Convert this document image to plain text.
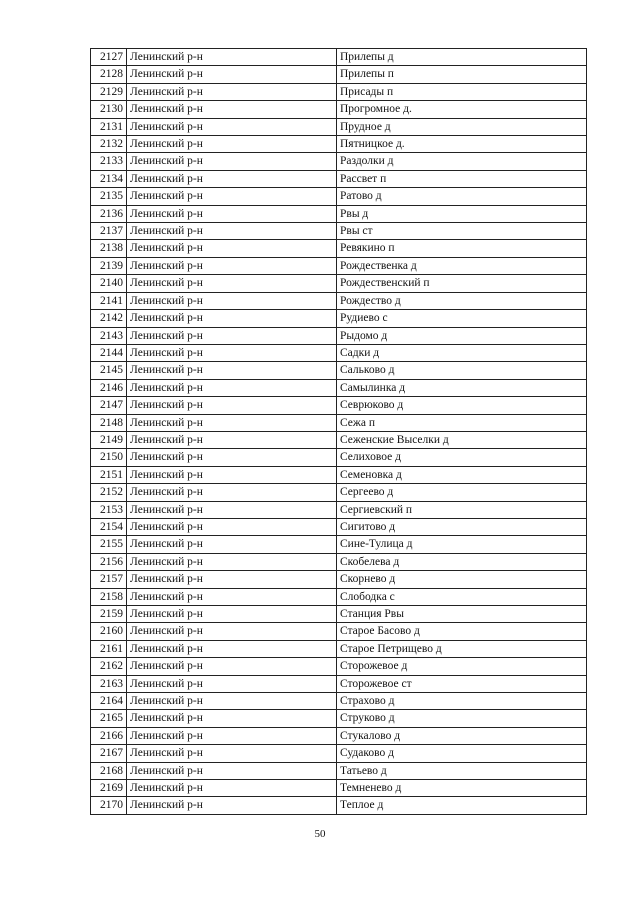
2127	Ленинский р-н	Прилепы д
2128	Ленинский р-н	Прилепы п
2129	Ленинский р-н	Присады п
2130	Ленинский р-н	Прогромное д.
2131	Ленинский р-н	Прудное д
2132	Ленинский р-н	Пятницкое д.
2133	Ленинский р-н	Раздолки д
2134	Ленинский р-н	Рассвет п
2135	Ленинский р-н	Ратово д
2136	Ленинский р-н	Рвы д
2137	Ленинский р-н	Рвы ст
2138	Ленинский р-н	Ревякино п
2139	Ленинский р-н	Рождественка д
2140	Ленинский р-н	Рождественский п
2141	Ленинский р-н	Рождество д
2142	Ленинский р-н	Рудиево с
2143	Ленинский р-н	Рыдомо д
2144	Ленинский р-н	Садки д
2145	Ленинский р-н	Сальково д
2146	Ленинский р-н	Самылинка д
2147	Ленинский р-н	Севрюково д
2148	Ленинский р-н	Сежа п
2149	Ленинский р-н	Сеженские Выселки д
2150	Ленинский р-н	Селиховое д
2151	Ленинский р-н	Семеновка д
2152	Ленинский р-н	Сергеево д
2153	Ленинский р-н	Сергиевский п
2154	Ленинский р-н	Сигитово д
2155	Ленинский р-н	Сине-Тулица д
2156	Ленинский р-н	Скобелева д
2157	Ленинский р-н	Скорнево д
2158	Ленинский р-н	Слободка с
2159	Ленинский р-н	Станция Рвы
2160	Ленинский р-н	Старое Басово д
2161	Ленинский р-н	Старое Петрищево д
2162	Ленинский р-н	Сторожевое д
2163	Ленинский р-н	Сторожевое ст
2164	Ленинский р-н	Страхово д
2165	Ленинский р-н	Струково д
2166	Ленинский р-н	Стукалово д
2167	Ленинский р-н	Судаково д
2168	Ленинский р-н	Татьево д
2169	Ленинский р-н	Темненево д
2170	Ленинский р-н	Теплое д
50
